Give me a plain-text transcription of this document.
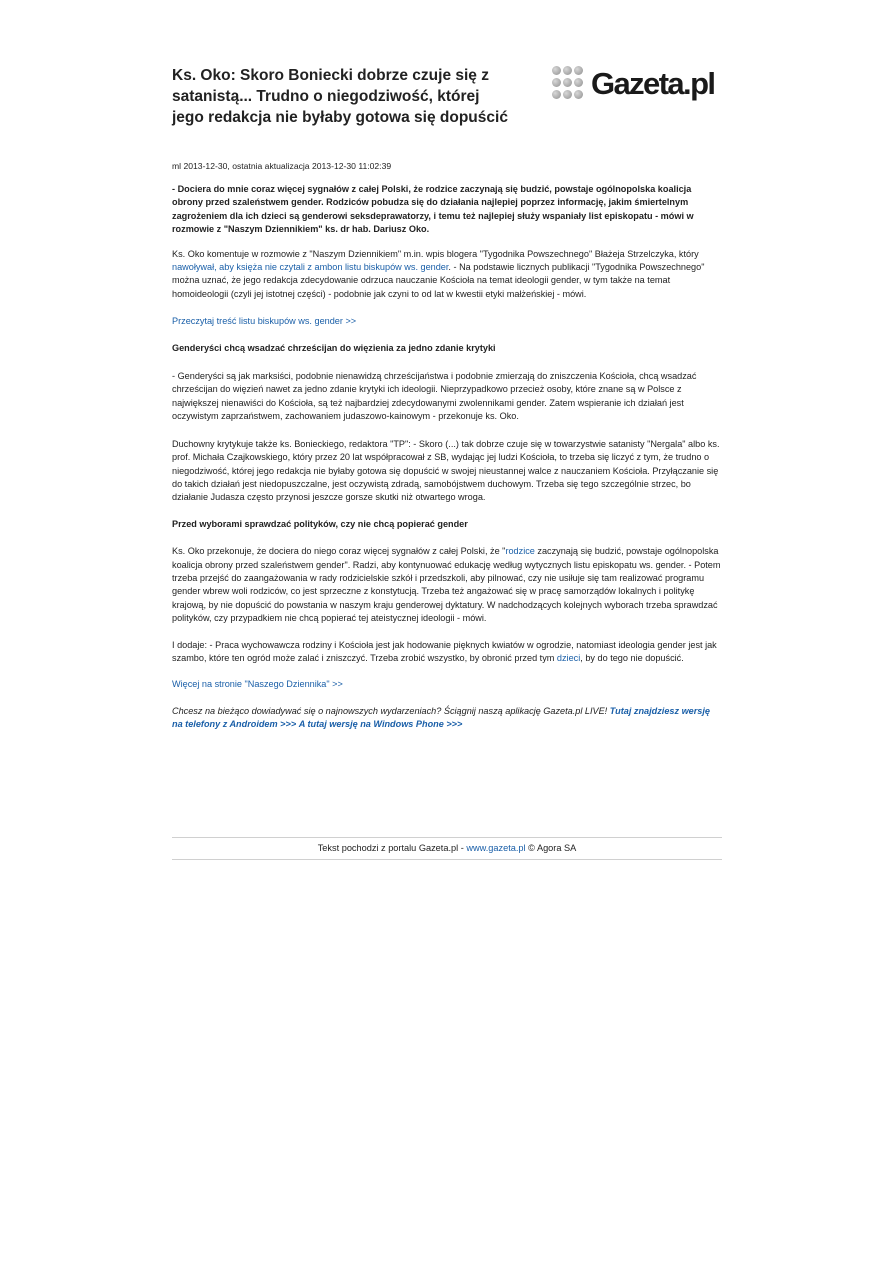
Ks. Oko: Skoro Boniecki dobrze czuje się z satanistą... Trudno o niegodziwość, której jego redakcja nie byłaby gotowa się dopuścić
Gazeta.pl
ml 2013-12-30, ostatnia aktualizacja 2013-12-30 11:02:39

- Dociera do mnie coraz więcej sygnałów z całej Polski, że rodzice zaczynają się budzić, powstaje ogólnopolska koalicja obrony przed szaleństwem gender. Rodziców pobudza się do działania najlepiej poprzez informację, jakim śmiertelnym zagrożeniem dla ich dzieci są genderowi seksdeprawatorzy, i temu też najlepiej służy wspaniały list episkopatu - mówi w rozmowie z "Naszym Dziennikiem" ks. dr hab. Dariusz Oko.

Ks. Oko komentuje w rozmowie z "Naszym Dziennikiem" m.in. wpis blogera "Tygodnika Powszechnego" Błażeja Strzelczyka, który nawoływał, aby księża nie czytali z ambon listu biskupów ws. gender. - Na podstawie licznych publikacji "Tygodnika Powszechnego" można uznać, że jego redakcja zdecydowanie odrzuca nauczanie Kościoła na temat ideologii gender, w tym także na temat homoideologii (czyli jej istotnej części) - podobnie jak czyni to od lat w kwestii etyki małżeńskiej - mówi.

Przeczytaj treść listu biskupów ws. gender >>

Genderyści chcą wsadzać chrześcijan do więzienia za jedno zdanie krytyki

- Genderyści są jak marksiści, podobnie nienawidzą chrześcijaństwa i podobnie zmierzają do zniszczenia Kościoła, chcą wsadzać chrześcijan do więzień nawet za jedno zdanie krytyki ich ideologii. Nieprzypadkowo przecież osoby, które znane są w Polsce z największej nienawiści do Kościoła, są też najbardziej zdecydowanymi zwolennikami gender. Zatem wspieranie ich działań jest oczywistym zaprzaństwem, zachowaniem judaszowo-kainowym - przekonuje ks. Oko.

Duchowny krytykuje także ks. Bonieckiego, redaktora "TP": - Skoro (...) tak dobrze czuje się w towarzystwie satanisty "Nergala" albo ks. prof. Michała Czajkowskiego, który przez 20 lat współpracował z SB, wydając jej ludzi Kościoła, to trzeba się liczyć z tym, że trudno o niegodziwość, której jego redakcja nie byłaby gotowa się dopuścić w swojej nieustannej walce z nauczaniem Kościoła. Przyłączanie się do takich działań jest niedopuszczalne, jest oczywistą zdradą, samobójstwem duchowym. Trzeba się tego szczególnie strzec, bo działanie Judasza często przynosi jeszcze gorsze skutki niż otwartego wroga.

Przed wyborami sprawdzać polityków, czy nie chcą popierać gender

Ks. Oko przekonuje, że dociera do niego coraz więcej sygnałów z całej Polski, że "rodzice zaczynają się budzić, powstaje ogólnopolska koalicja obrony przed szaleństwem gender". Radzi, aby kontynuować edukację według wytycznych listu episkopatu ws. gender. - Potem trzeba przejść do zaangażowania w rady rodzicielskie szkół i przedszkoli, aby pilnować, czy nie usiłuje się tam realizować programu gender wbrew woli rodziców, co jest sprzeczne z konstytucją. Trzeba też angażować się w pracę samorządów lokalnych i politykę krajową, by nie dopuścić do powstania w naszym kraju genderowej dyktatury. W nadchodzących kolejnych wyborach trzeba sprawdzać polityków, czy przypadkiem nie chcą popierać tej ateistycznej ideologii - mówi.

I dodaje: - Praca wychowawcza rodziny i Kościoła jest jak hodowanie pięknych kwiatów w ogrodzie, natomiast ideologia gender jest jak szambo, które ten ogród może zalać i zniszczyć. Trzeba zrobić wszystko, by obronić przed tym dzieci, by do tego nie dopuścić.

Więcej na stronie "Naszego Dziennika" >>

Chcesz na bieżąco dowiadywać się o najnowszych wydarzeniach? Ściągnij naszą aplikację Gazeta.pl LIVE! Tutaj znajdziesz wersję na telefony z Androidem >>> A tutaj wersję na Windows Phone >>>

Tekst pochodzi z portalu Gazeta.pl - www.gazeta.pl © Agora SA
